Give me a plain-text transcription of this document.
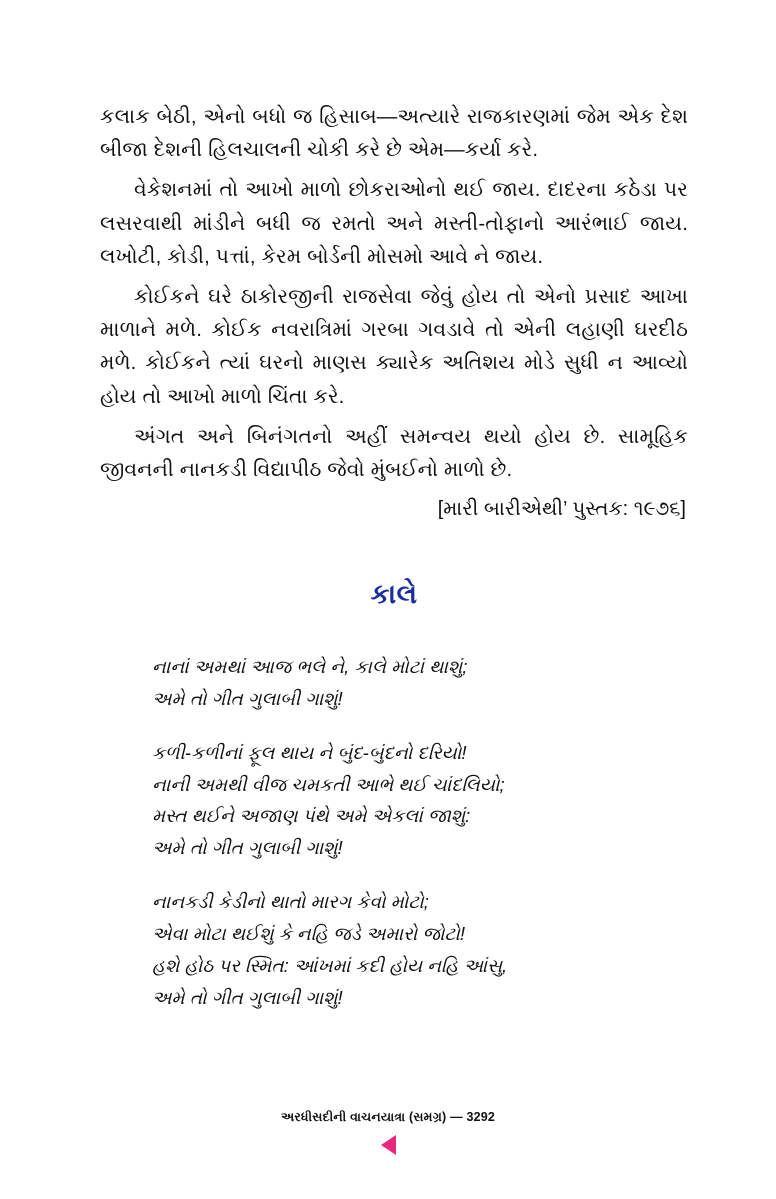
કલાક બેઠી, એનો બધો જ હિસાબ—અત્યારે રાજકારણમાં જેમ એક દેશ બીજા દેશની હિલચાલની ચોકી કરે છે એમ—કર્યા કરે.

વેકેશનમાં તો આખો માળો છોકરાઓનો થઈ જાય. દાદરના કઠેડા પર લસરવાથી માંડીને બધી જ રમતો અને મસ્તી-તોફાનો આરંભાઈ જાય. લખોટી, કોડી, પત્તાં, કેરમ બોર્ડની મોસમો આવે ને જાય.

કોઈકને ઘરે ઠાકોરજીની રાજસેવા જેવું હોય તો એનો પ્રસાદ આખા માળાને મળે. કોઈક નવરાત્રિમાં ગરબા ગવડાવે તો એની લહાણી ઘરદીઠ મળે. કોઈકને ત્યાં ઘરનો માણસ ક્યારેક અતિશય મોડે સુધી ન આવ્યો હોય તો આખો માળો ચિંતા કરે.

અંગત અને બિનંગતનો અહીં સમન્વય થયો હોય છે. સામૂહિક જીવનની નાનકડી વિદ્યાપીઠ જેવો મુંબઈનો માળો છે.

[મારી બારીએથી’ પુસ્તક: ૧૯૭૬]
કાલે
નાનાં અમથાં આજ ભલે ને, કાલે મોટાં થાશું;
અમે તો ગીત ગુલાબી ગાશું!
કળી-કળીનાં ફૂલ થાય ને બુંદ-બુંદનો દરિયો!
નાની અમથી વીજ ચમકતી આભે થઈ ચાંદલિયો;
મસ્ત થઈને અજાણ પંથે અમે એકલાં જાશું:
અમે તો ગીત ગુલાબી ગાશું!
નાનકડી કેડીનો થાતો મારગ કેવો મોટો;
એવા મોટા થઈશું કે નહિ જડે અમારો જોટો!
હશે હોઠ પર સ્મિત: આંખમાં કદી હોય નહિ આંસુ,
અમે તો ગીત ગુલાબી ગાશું!
અરધીસદીની વાચનયાત્રા (સમગ્ર) — 3292
